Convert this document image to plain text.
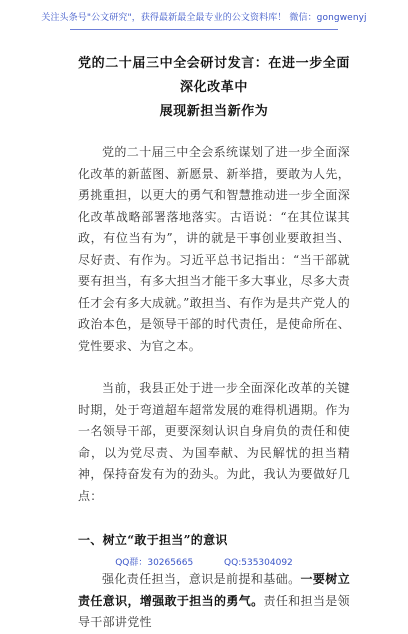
关注头条号"公文研究"，获得最新最全最专业的公文资料库！ 微信：gongwenyj
党的二十届三中全会研讨发言：在进一步全面深化改革中
展现新担当新作为

党的二十届三中全会系统谋划了进一步全面深化改革的新蓝图、新愿景、新举措，要敢为人先，勇挑重担，以更大的勇气和智慧推动进一步全面深化改革战略部署落地落实。古语说：“在其位谋其政，有位当有为”，讲的就是干事创业要敢担当、尽好责、有作为。习近平总书记指出：“当干部就要有担当，有多大担当才能干多大事业，尽多大责任才会有多大成就。”敢担当、有作为是共产党人的政治本色，是领导干部的时代责任，是使命所在、党性要求、为官之本。

当前，我县正处于进一步全面深化改革的关键时期，处于弯道超车超常发展的难得机遇期。作为一名领导干部，更要深刻认识自身肩负的责任和使命，以为党尽责、为国奉献、为民解忧的担当精神，保持奋发有为的劲头。为此，我认为要做好几点：

一、树立“敢于担当”的意识

强化责任担当，意识是前提和基础。一要树立责任意识，增强敢于担当的勇气。责任和担当是领导干部讲党性

QQ群：30265665	QQ:535304092
